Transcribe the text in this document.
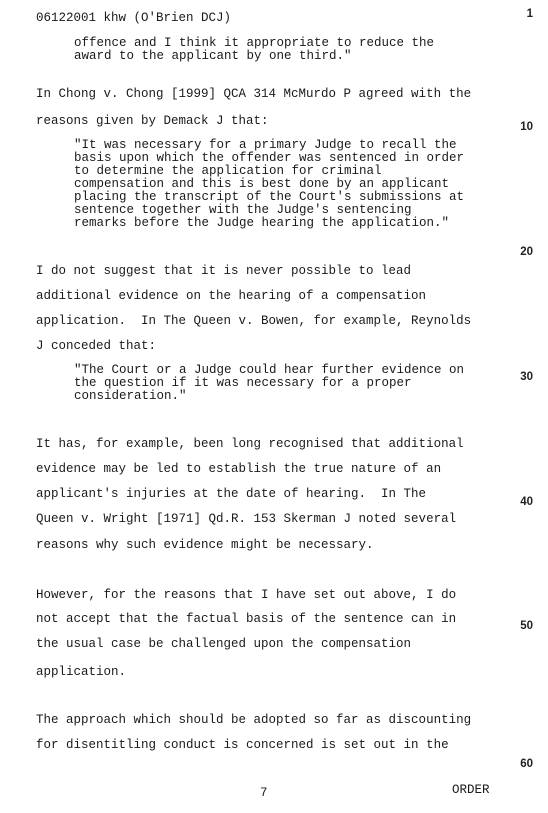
06122001 khw (O'Brien DCJ)	1
10
20
30
40
50
60
offence and I think it appropriate to reduce the
award to the applicant by one third."
In Chong v. Chong [1999] QCA 314 McMurdo P agreed with the
reasons given by Demack J that:
"It was necessary for a primary Judge to recall the
basis upon which the offender was sentenced in order
to determine the application for criminal
compensation and this is best done by an applicant
placing the transcript of the Court's submissions at
sentence together with the Judge's sentencing
remarks before the Judge hearing the application."
I do not suggest that it is never possible to lead
additional evidence on the hearing of a compensation
application.  In The Queen v. Bowen, for example, Reynolds
J conceded that:
"The Court or a Judge could hear further evidence on
the question if it was necessary for a proper
consideration."
It has, for example, been long recognised that additional
evidence may be led to establish the true nature of an
applicant's injuries at the date of hearing.  In The
Queen v. Wright [1971] Qd.R. 153 Skerman J noted several
reasons why such evidence might be necessary.
However, for the reasons that I have set out above, I do
not accept that the factual basis of the sentence can in
the usual case be challenged upon the compensation
application.
The approach which should be adopted so far as discounting
for disentitling conduct is concerned is set out in the
7	ORDER
